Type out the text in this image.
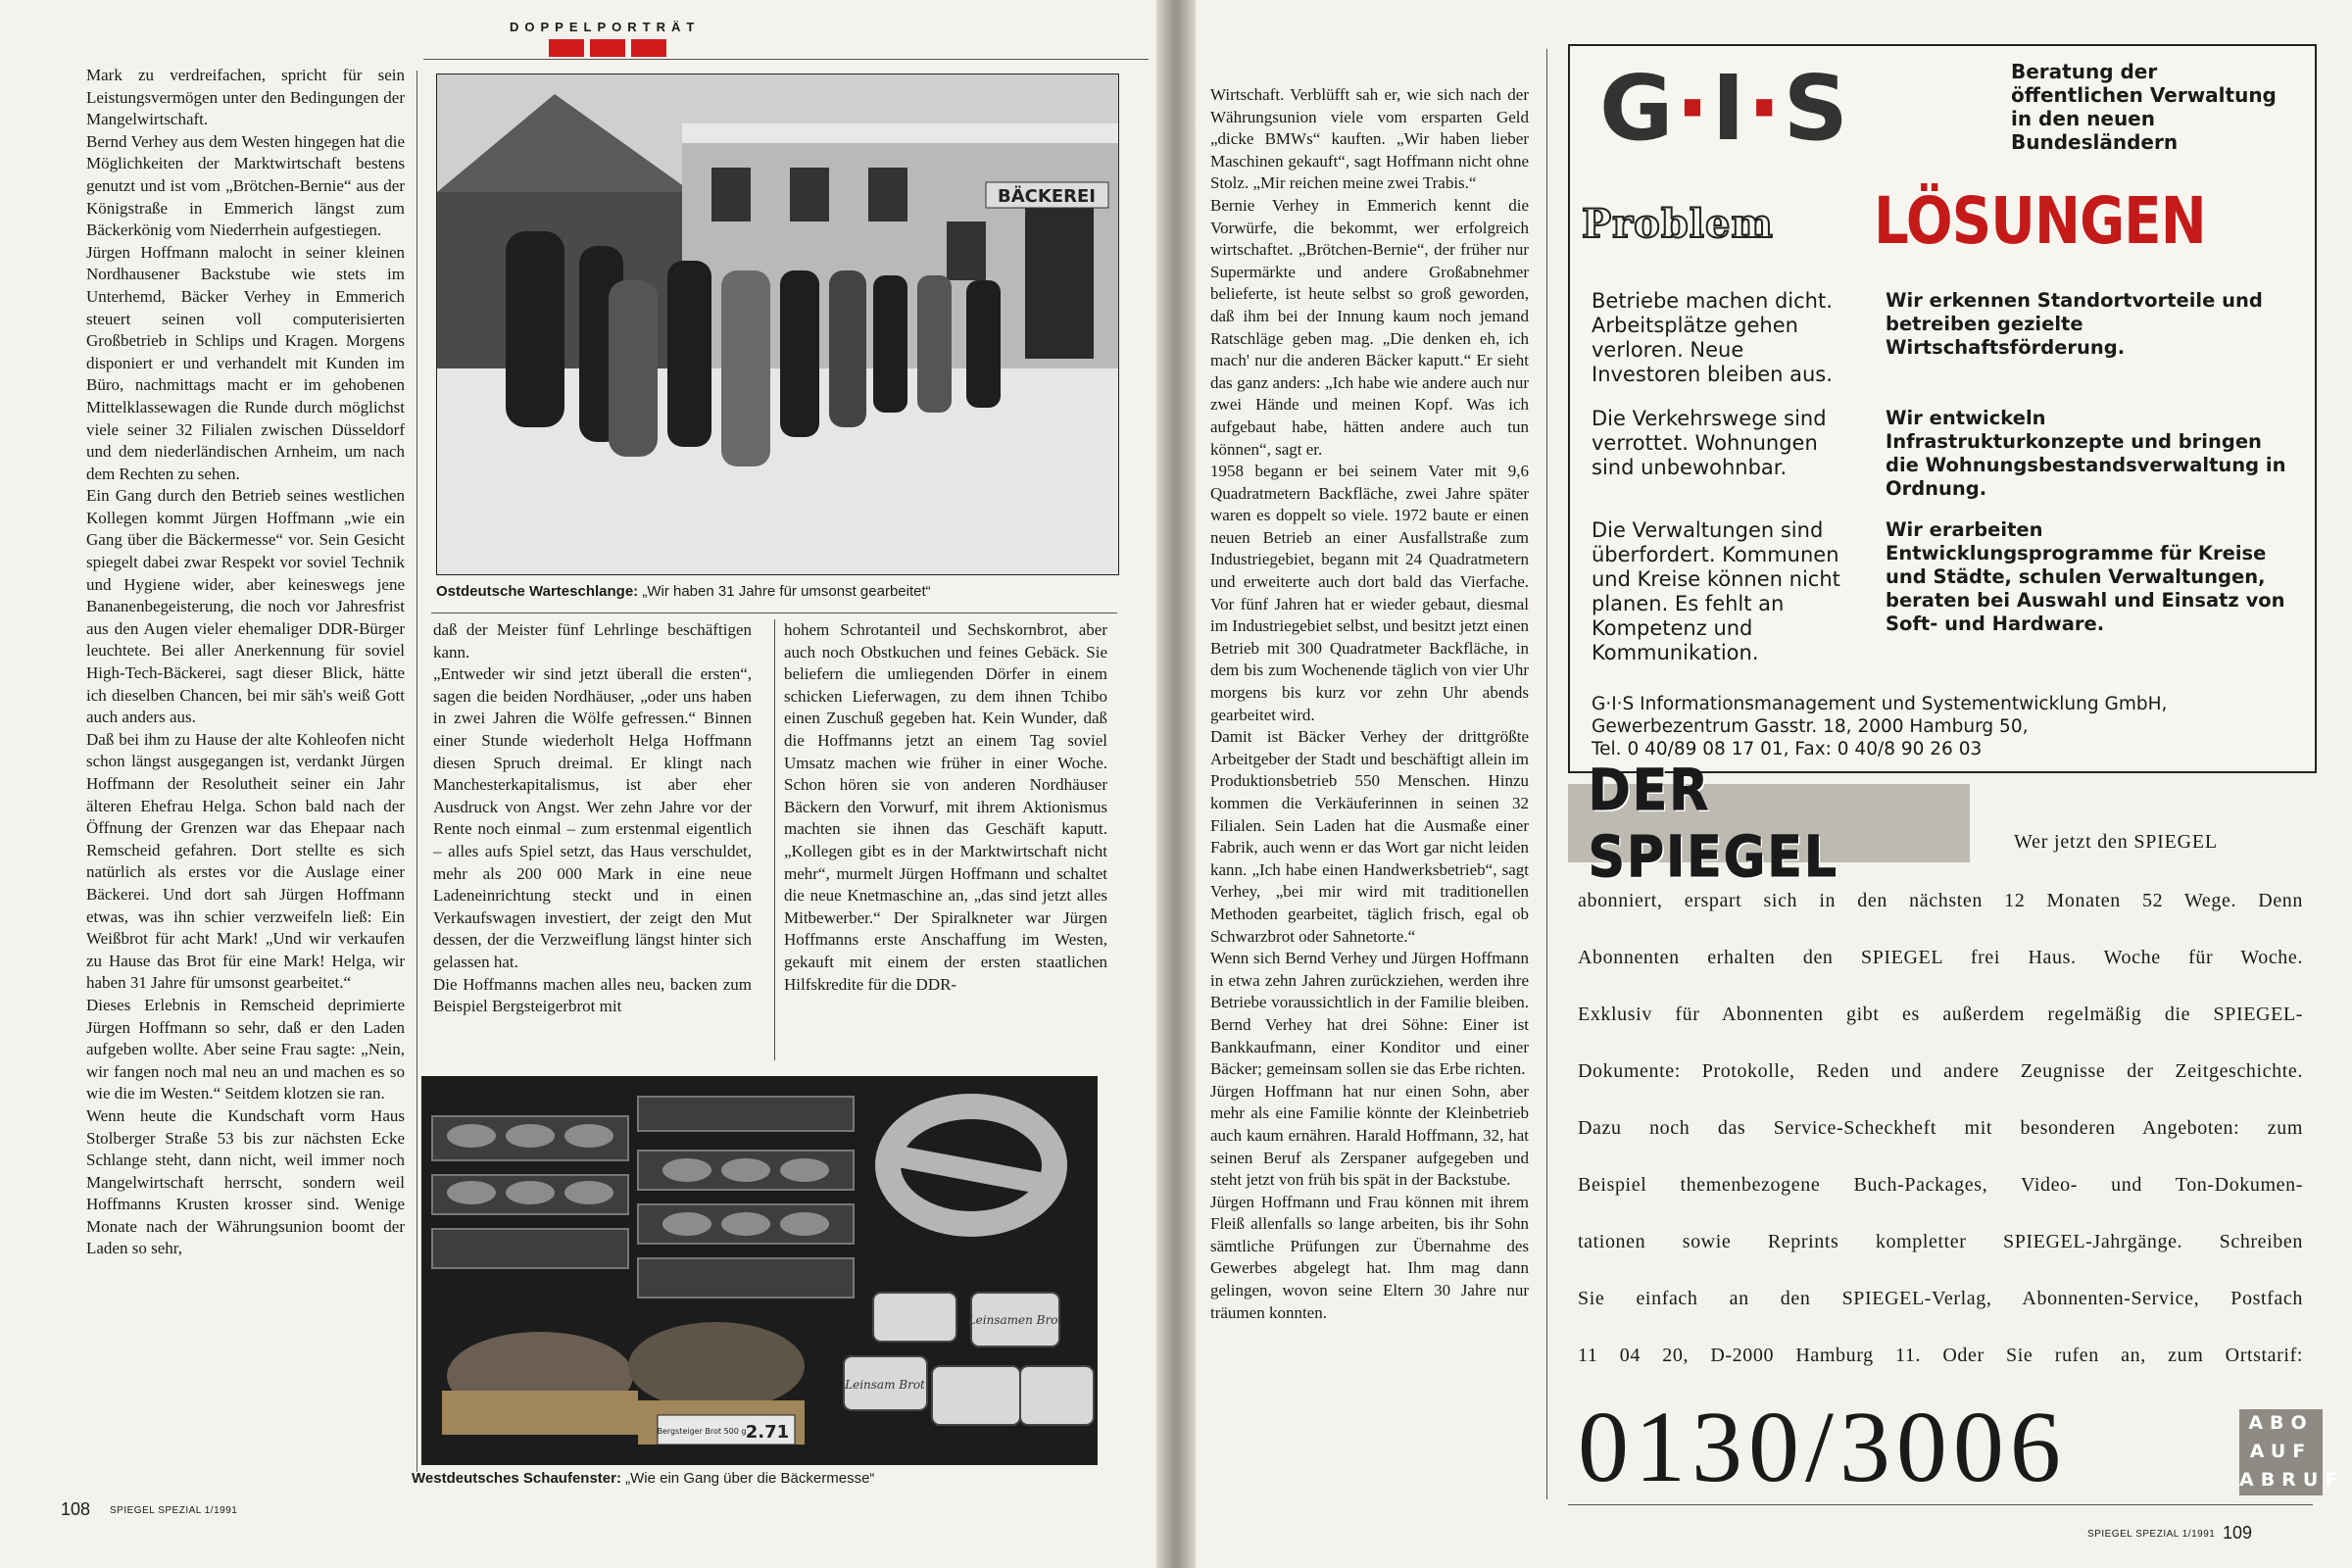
DOPPELPORTRÄT

Mark zu verdreifachen, spricht für sein Leistungsvermögen unter den Bedingungen der Mangelwirtschaft.

Bernd Verhey aus dem Westen hingegen hat die Möglichkeiten der Marktwirtschaft bestens genutzt und ist vom „Brötchen-Bernie“ aus der Königstraße in Emmerich längst zum Bäckerkönig vom Niederrhein aufgestiegen.

Jürgen Hoffmann malocht in seiner kleinen Nordhausener Backstube wie stets im Unterhemd, Bäcker Verhey in Emmerich steuert seinen voll computerisierten Großbetrieb in Schlips und Kragen. Morgens disponiert er und verhandelt mit Kunden im Büro, nachmittags macht er im gehobenen Mittelklassewagen die Runde durch möglichst viele seiner 32 Filialen zwischen Düsseldorf und dem niederländischen Arnheim, um nach dem Rechten zu sehen.

Ein Gang durch den Betrieb seines westlichen Kollegen kommt Jürgen Hoffmann „wie ein Gang über die Bäckermesse“ vor. Sein Gesicht spiegelt dabei zwar Respekt vor soviel Technik und Hygiene wider, aber keineswegs jene Bananenbegeisterung, die noch vor Jahresfrist aus den Augen vieler ehemaliger DDR-Bürger leuchtete. Bei aller Anerkennung für soviel High-Tech-Bäckerei, sagt dieser Blick, hätte ich dieselben Chancen, bei mir säh's weiß Gott auch anders aus.

Daß bei ihm zu Hause der alte Kohleofen nicht schon längst ausgegangen ist, verdankt Jürgen Hoffmann der Resolutheit seiner ein Jahr älteren Ehefrau Helga. Schon bald nach der Öffnung der Grenzen war das Ehepaar nach Remscheid gefahren. Dort stellte es sich natürlich als erstes vor die Auslage einer Bäckerei. Und dort sah Jürgen Hoffmann etwas, was ihn schier verzweifeln ließ: Ein Weißbrot für acht Mark! „Und wir verkaufen zu Hause das Brot für eine Mark! Helga, wir haben 31 Jahre für umsonst gearbeitet.“

Dieses Erlebnis in Remscheid deprimierte Jürgen Hoffmann so sehr, daß er den Laden aufgeben wollte. Aber seine Frau sagte: „Nein, wir fangen noch mal neu an und machen es so wie die im Westen.“ Seitdem klotzen sie ran.

Wenn heute die Kundschaft vorm Haus Stolberger Straße 53 bis zur nächsten Ecke Schlange steht, dann nicht, weil immer noch Mangelwirtschaft herrscht, sondern weil Hoffmanns Krusten krosser sind. Wenige Monate nach der Währungsunion boomt der Laden so sehr,

BÄCKEREI
Ostdeutsche Warteschlange: „Wir haben 31 Jahre für umsonst gearbeitet“

daß der Meister fünf Lehrlinge beschäftigen kann.

„Entweder wir sind jetzt überall die ersten“, sagen die beiden Nordhäuser, „oder uns haben in zwei Jahren die Wölfe gefressen.“ Binnen einer Stunde wiederholt Helga Hoffmann diesen Spruch dreimal. Er klingt nach Manchesterkapitalismus, ist aber eher Ausdruck von Angst. Wer zehn Jahre vor der Rente noch einmal – zum erstenmal eigentlich – alles aufs Spiel setzt, das Haus verschuldet, mehr als 200 000 Mark in eine neue Ladeneinrichtung steckt und in einen Verkaufswagen investiert, der zeigt den Mut dessen, der die Verzweiflung längst hinter sich gelassen hat.

Die Hoffmanns machen alles neu, backen zum Beispiel Bergsteigerbrot mit

hohem Schrotanteil und Sechskornbrot, aber auch noch Obstkuchen und feines Gebäck. Sie beliefern die umliegenden Dörfer in einem schicken Lieferwagen, zu dem ihnen Tchibo einen Zuschuß gegeben hat. Kein Wunder, daß die Hoffmanns jetzt an einem Tag soviel Umsatz machen wie früher in einer Woche. Schon hören sie von anderen Nordhäuser Bäckern den Vorwurf, mit ihrem Aktionismus machten sie ihnen das Geschäft kaputt. „Kollegen gibt es in der Marktwirtschaft nicht mehr“, murmelt Jürgen Hoffmann und schaltet die neue Knetmaschine an, „das sind jetzt alles Mitbewerber.“ Der Spiralkneter war Jürgen Hoffmanns erste Anschaffung im Westen, gekauft mit einem der ersten staatlichen Hilfskredite für die DDR-

Leinsamen Brot
Leinsam Brot
Bergsteiger Brot 500 g 2.71
Westdeutsches Schaufenster: „Wie ein Gang über die Bäckermesse“
108 SPIEGEL SPEZIAL 1/1991

Wirtschaft. Verblüfft sah er, wie sich nach der Währungsunion viele vom ersparten Geld „dicke BMWs“ kauften. „Wir haben lieber Maschinen gekauft“, sagt Hoffmann nicht ohne Stolz. „Mir reichen meine zwei Trabis.“

Bernie Verhey in Emmerich kennt die Vorwürfe, die bekommt, wer erfolgreich wirtschaftet. „Brötchen-Bernie“, der früher nur Supermärkte und andere Großabnehmer belieferte, ist heute selbst so groß geworden, daß ihm bei der Innung kaum noch jemand Ratschläge geben mag. „Die denken eh, ich mach' nur die anderen Bäcker kaputt.“ Er sieht das ganz anders: „Ich habe wie andere auch nur zwei Hände und meinen Kopf. Was ich aufgebaut habe, hätten andere auch tun können“, sagt er.

1958 begann er bei seinem Vater mit 9,6 Quadratmetern Backfläche, zwei Jahre später waren es doppelt so viele. 1972 baute er einen neuen Betrieb an einer Ausfallstraße zum Industriegebiet, begann mit 24 Quadratmetern und erweiterte auch dort bald das Vierfache. Vor fünf Jahren hat er wieder gebaut, diesmal im Industriegebiet selbst, und besitzt jetzt einen Betrieb mit 300 Quadratmeter Backfläche, in dem bis zum Wochenende täglich von vier Uhr morgens bis kurz vor zehn Uhr abends gearbeitet wird.

Damit ist Bäcker Verhey der drittgrößte Arbeitgeber der Stadt und beschäftigt allein im Produktionsbetrieb 550 Menschen. Hinzu kommen die Verkäuferinnen in seinen 32 Filialen. Sein Laden hat die Ausmaße einer Fabrik, auch wenn er das Wort gar nicht leiden kann. „Ich habe einen Handwerksbetrieb“, sagt Verhey, „bei mir wird mit traditionellen Methoden gearbeitet, täglich frisch, egal ob Schwarzbrot oder Sahnetorte.“

Wenn sich Bernd Verhey und Jürgen Hoffmann in etwa zehn Jahren zurückziehen, werden ihre Betriebe voraussichtlich in der Familie bleiben. Bernd Verhey hat drei Söhne: Einer ist Bankkaufmann, einer Konditor und einer Bäcker; gemeinsam sollen sie das Erbe richten.

Jürgen Hoffmann hat nur einen Sohn, aber mehr als eine Familie könnte der Kleinbetrieb auch kaum ernähren. Harald Hoffmann, 32, hat seinen Beruf als Zerspaner aufgegeben und steht jetzt von früh bis spät in der Backstube.

Jürgen Hoffmann und Frau können mit ihrem Fleiß allenfalls so lange arbeiten, bis ihr Sohn sämtliche Prüfungen zur Übernahme des Gewerbes abgelegt hat. Ihm mag dann gelingen, wovon seine Eltern 30 Jahre nur träumen konnten.

G·I·S	Beratung der öffentlichen Verwaltung in den neuen Bundesländern
Problem LÖSUNGEN
Betriebe machen dicht. Arbeitsplätze gehen verloren. Neue Investoren bleiben aus.
Wir erkennen Standortvorteile und betreiben gezielte Wirtschaftsförderung.
Die Verkehrswege sind verrottet. Wohnungen sind unbewohnbar.
Wir entwickeln Infrastrukturkonzepte und bringen die Wohnungsbestandsverwaltung in Ordnung.
Die Verwaltungen sind überfordert. Kommunen und Kreise können nicht planen. Es fehlt an Kompetenz und Kommunikation.
Wir erarbeiten Entwicklungsprogramme für Kreise und Städte, schulen Verwaltungen, beraten bei Auswahl und Einsatz von Soft- und Hardware.
G·I·S Informationsmanagement und Systementwicklung GmbH,
Gewerbezentrum Gasstr. 18, 2000 Hamburg 50,
Tel. 0 40/89 08 17 01, Fax: 0 40/8 90 26 03
DER SPIEGEL	Wer jetzt den SPIEGEL
abonniert, erspart sich in den nächsten 12 Monaten 52 Wege. Denn
Abonnenten erhalten den SPIEGEL frei Haus. Woche für Woche.
Exklusiv für Abonnenten gibt es außerdem regelmäßig die SPIEGEL-
Dokumente: Protokolle, Reden und andere Zeugnisse der Zeitgeschichte.
Dazu noch das Service-Scheckheft mit besonderen Angeboten: zum
Beispiel themenbezogene Buch-Packages, Video- und Ton-Dokumen-
tationen sowie Reprints kompletter SPIEGEL-Jahrgänge. Schreiben
Sie einfach an den SPIEGEL-Verlag, Abonnenten-Service, Postfach
11 04 20, D-2000 Hamburg 11. Oder Sie rufen an, zum Ortstarif:
0130/3006	ABO
AUF
ABRUF
SPIEGEL SPEZIAL 1/1991 109
